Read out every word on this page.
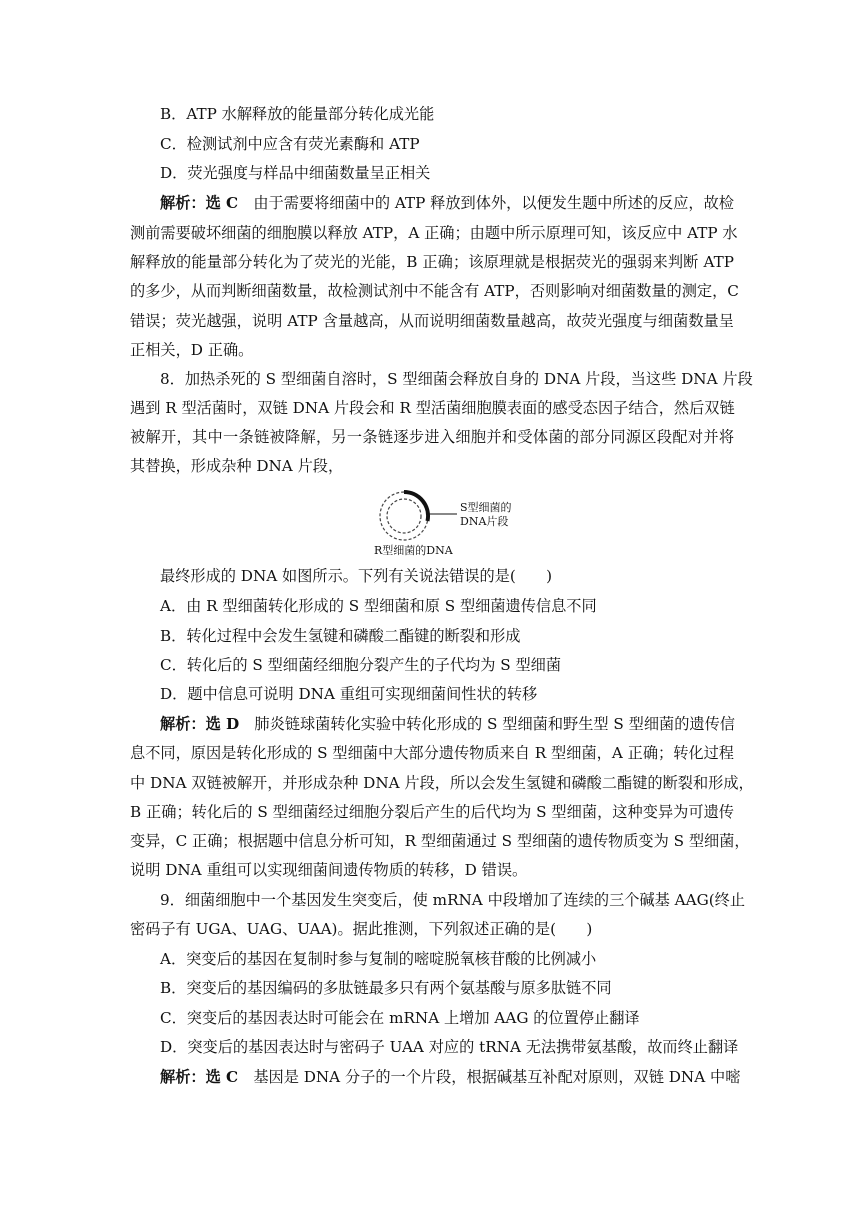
B．ATP 水解释放的能量部分转化成光能
C．检测试剂中应含有荧光素酶和 ATP
D．荧光强度与样品中细菌数量呈正相关
解析：选 C　由于需要将细菌中的 ATP 释放到体外，以便发生题中所述的反应，故检
测前需要破坏细菌的细胞膜以释放 ATP，A 正确；由题中所示原理可知，该反应中 ATP 水
解释放的能量部分转化为了荧光的光能，B 正确；该原理就是根据荧光的强弱来判断 ATP
的多少，从而判断细菌数量，故检测试剂中不能含有 ATP，否则影响对细菌数量的测定，C
错误；荧光越强，说明 ATP 含量越高，从而说明细菌数量越高，故荧光强度与细菌数量呈
正相关，D 正确。
8．加热杀死的 S 型细菌自溶时，S 型细菌会释放自身的 DNA 片段，当这些 DNA 片段
遇到 R 型活菌时，双链 DNA 片段会和 R 型活菌细胞膜表面的感受态因子结合，然后双链
被解开，其中一条链被降解，另一条链逐步进入细胞并和受体菌的部分同源区段配对并将
其替换，形成杂种 DNA 片段，
S型细菌的
DNA片段
R型细菌的DNA
最终形成的 DNA 如图所示。下列有关说法错误的是(　　)
A．由 R 型细菌转化形成的 S 型细菌和原 S 型细菌遗传信息不同
B．转化过程中会发生氢键和磷酸二酯键的断裂和形成
C．转化后的 S 型细菌经细胞分裂产生的子代均为 S 型细菌
D．题中信息可说明 DNA 重组可实现细菌间性状的转移
解析：选 D　肺炎链球菌转化实验中转化形成的 S 型细菌和野生型 S 型细菌的遗传信
息不同，原因是转化形成的 S 型细菌中大部分遗传物质来自 R 型细菌，A 正确；转化过程
中 DNA 双链被解开，并形成杂种 DNA 片段，所以会发生氢键和磷酸二酯键的断裂和形成，
B 正确；转化后的 S 型细菌经过细胞分裂后产生的后代均为 S 型细菌，这种变异为可遗传
变异，C 正确；根据题中信息分析可知，R 型细菌通过 S 型细菌的遗传物质变为 S 型细菌，
说明 DNA 重组可以实现细菌间遗传物质的转移，D 错误。
9．细菌细胞中一个基因发生突变后，使 mRNA 中段增加了连续的三个碱基 AAG(终止
密码子有 UGA、UAG、UAA)。据此推测，下列叙述正确的是(　　)
A．突变后的基因在复制时参与复制的嘧啶脱氧核苷酸的比例减小
B．突变后的基因编码的多肽链最多只有两个氨基酸与原多肽链不同
C．突变后的基因表达时可能会在 mRNA 上增加 AAG 的位置停止翻译
D．突变后的基因表达时与密码子 UAA 对应的 tRNA 无法携带氨基酸，故而终止翻译
解析：选 C　基因是 DNA 分子的一个片段，根据碱基互补配对原则，双链 DNA 中嘧
